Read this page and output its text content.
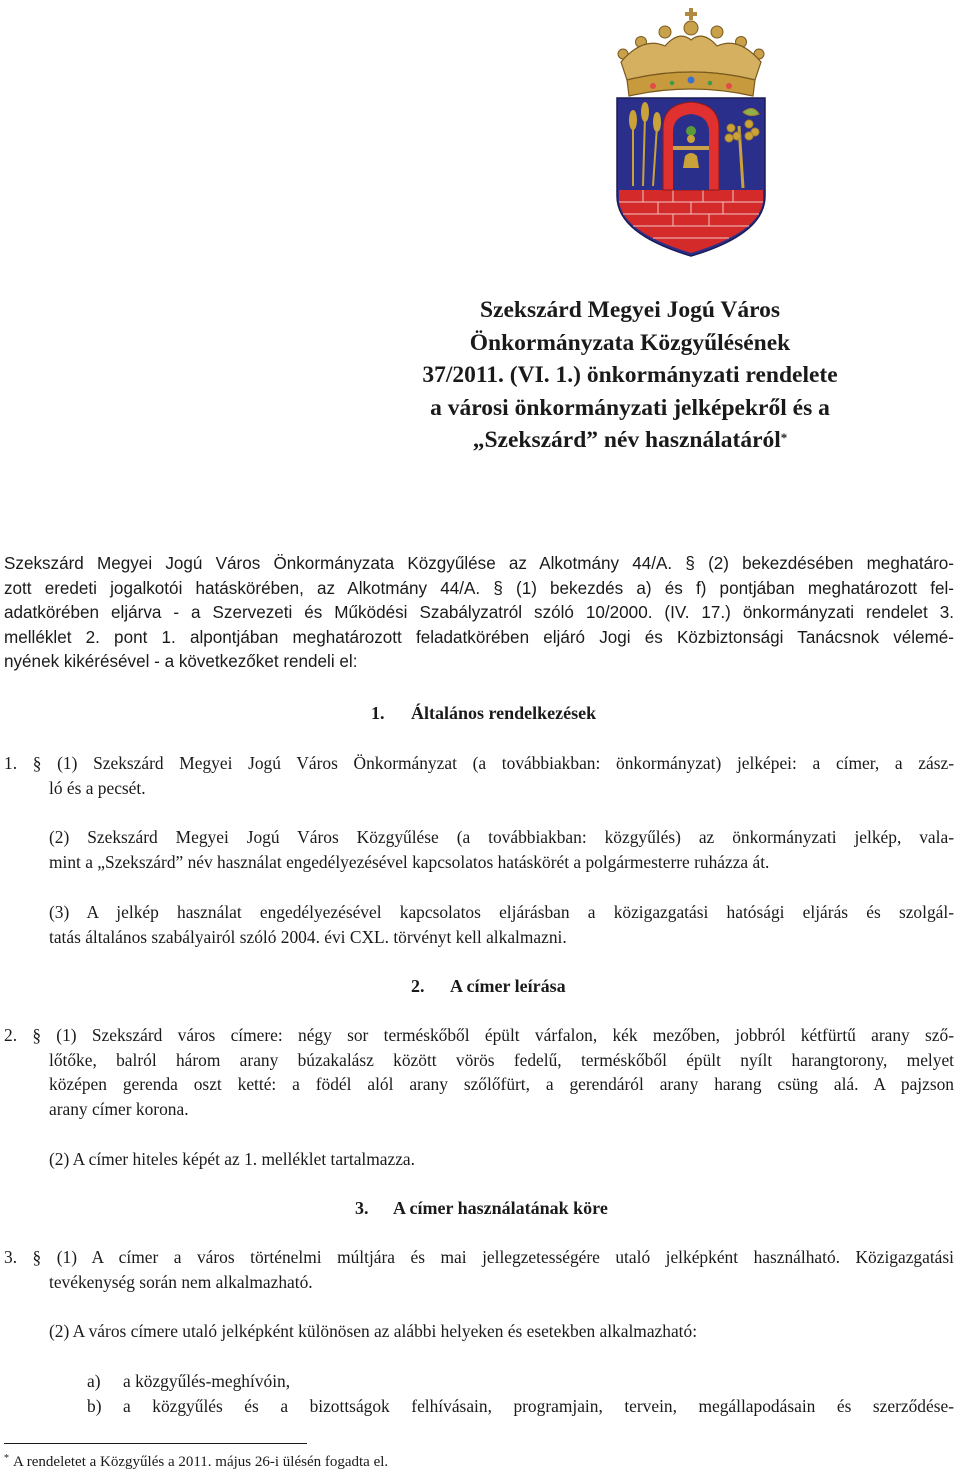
Szekszárd Megyei Jogú Város
Önkormányzata Közgyűlésének
37/2011. (VI. 1.) önkormányzati rendelete
a városi önkormányzati jelképekről és a
„Szekszárd” név használatáról*

Szekszárd Megyei Jogú Város Önkormányzata Közgyűlése az Alkotmány 44/A. § (2) bekezdésében meghatáro-
zott eredeti jogalkotói hatáskörében, az Alkotmány 44/A. § (1) bekezdés a) és f) pontjában meghatározott fel-
adatkörében eljárva - a Szervezeti és Működési Szabályzatról szóló 10/2000. (IV. 17.) önkormányzati rendelet 3.
melléklet 2. pont 1. alpontjában meghatározott feladatkörében eljáró Jogi és Közbiztonsági Tanácsnok vélemé-
nyének kikérésével - a következőket rendeli el:

1. Általános rendelkezések

1. § (1) Szekszárd Megyei Jogú Város Önkormányzat (a továbbiakban: önkormányzat) jelképei: a címer, a zász-

ló és a pecsét.

(2) Szekszárd Megyei Jogú Város Közgyűlése (a továbbiakban: közgyűlés) az önkormányzati jelkép, vala-

mint a „Szekszárd” név használat engedélyezésével kapcsolatos hatáskörét a polgármesterre ruházza át.

(3) A jelkép használat engedélyezésével kapcsolatos eljárásban a közigazgatási hatósági eljárás és szolgál-

tatás általános szabályairól szóló 2004. évi CXL. törvényt kell alkalmazni.

2. A címer leírása

2. § (1) Szekszárd város címere: négy sor terméskőből épült várfalon, kék mezőben, jobbról kétfürtű arany sző-

lőtőke, balról három arany búzakalász között vörös fedelű, terméskőből épült nyílt harangtorony, melyet

középen gerenda oszt ketté: a födél alól arany szőlőfürt, a gerendáról arany harang csüng alá. A pajzson

arany címer korona.

(2) A címer hiteles képét az 1. melléklet tartalmazza.

3. A címer használatának köre

3. § (1) A címer a város történelmi múltjára és mai jellegzetességére utaló jelképként használható. Közigazgatási

tevékenység során nem alkalmazható.

(2) A város címere utaló jelképként különösen az alábbi helyeken és esetekben alkalmazható:

a) a közgyűlés-meghívóin,

b) a közgyűlés és a bizottságok felhívásain, programjain, tervein, megállapodásain és szerződése-

* A rendeletet a Közgyűlés a 2011. május 26-i ülésén fogadta el.
